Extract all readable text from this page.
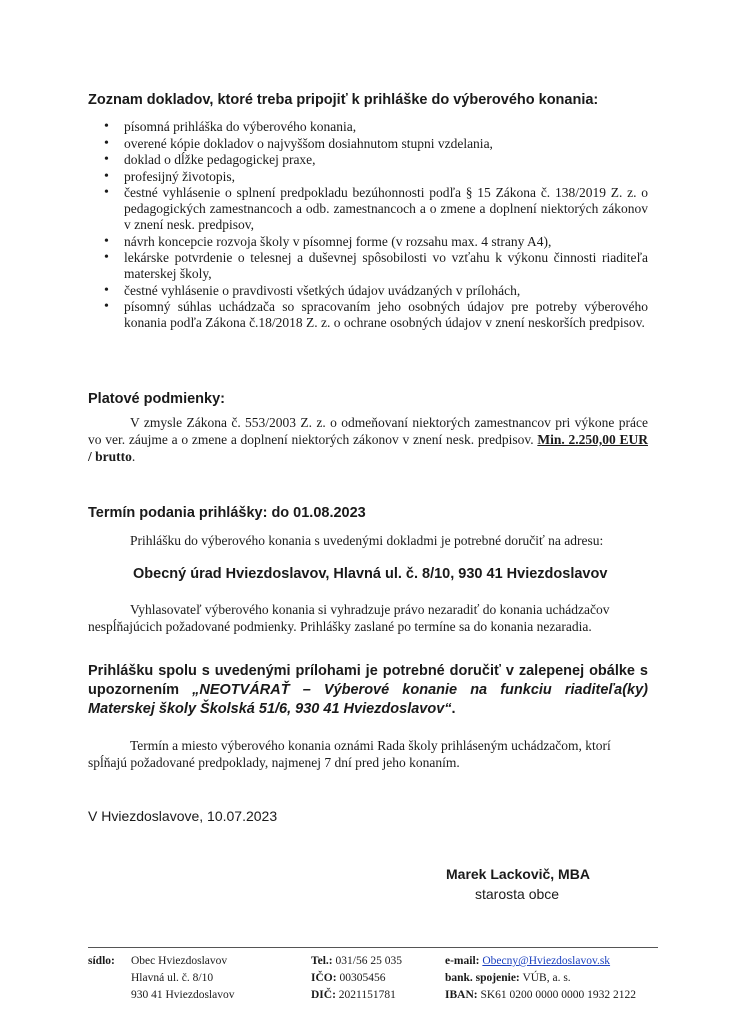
Zoznam dokladov, ktoré treba pripojiť k prihláške do výberového konania:
• písomná prihláška do výberového konania,
• overené kópie dokladov o najvyššom dosiahnutom stupni vzdelania,
• doklad o dĺžke pedagogickej praxe,
• profesijný životopis,
• čestné vyhlásenie o splnení predpokladu bezúhonnosti podľa § 15 Zákona č. 138/2019 Z. z. o pedagogických zamestnancoch a odb. zamestnancoch a o zmene a doplnení niektorých zákonov v znení nesk. predpisov,
• návrh koncepcie rozvoja školy v písomnej forme (v rozsahu max. 4 strany A4),
• lekárske potvrdenie o telesnej a duševnej spôsobilosti vo vzťahu k výkonu činnosti riaditeľa materskej školy,
• čestné vyhlásenie o pravdivosti všetkých údajov uvádzaných v prílohách,
• písomný súhlas uchádzača so spracovaním jeho osobných údajov pre potreby výberového konania podľa Zákona č.18/2018 Z. z. o ochrane osobných údajov v znení neskorších predpisov.
Platové podmienky:

V zmysle Zákona č. 553/2003 Z. z. o odmeňovaní niektorých zamestnancov pri výkone práce vo ver. záujme a o zmene a doplnení niektorých zákonov v znení nesk. predpisov. Min. 2.250,00 EUR / brutto.

Termín podania prihlášky: do 01.08.2023
Prihlášku do výberového konania s uvedenými dokladmi je potrebné doručiť na adresu:
Obecný úrad Hviezdoslavov, Hlavná ul. č. 8/10, 930 41 Hviezdoslavov

Vyhlasovateľ výberového konania si vyhradzuje právo nezaradiť do konania uchádzačov nespĺňajúcich požadované podmienky. Prihlášky zaslané po termíne sa do konania nezaradia.

Prihlášku spolu s uvedenými prílohami je potrebné doručiť v zalepenej obálke s upozornením „NEOTVÁRAŤ – Výberové konanie na funkciu riaditeľa(ky) Materskej školy Školská 51/6, 930 41 Hviezdoslavov“.

Termín a miesto výberového konania oznámi Rada školy prihláseným uchádzačom, ktorí spĺňajú požadované predpoklady, najmenej 7 dní pred jeho konaním.

V Hviezdoslavove, 10.07.2023
Marek Lackovič, MBA
starosta obce
sídlo: Obec Hviezdoslavov
Hlavná ul. č. 8/10
930 41 Hviezdoslavov
Tel.: 031/56 25 035
IČO: 00305456
DIČ: 2021151781
e-mail: Obecny@Hviezdoslavov.sk
bank. spojenie: VÚB, a. s.
IBAN: SK61 0200 0000 0000 1932 2122
